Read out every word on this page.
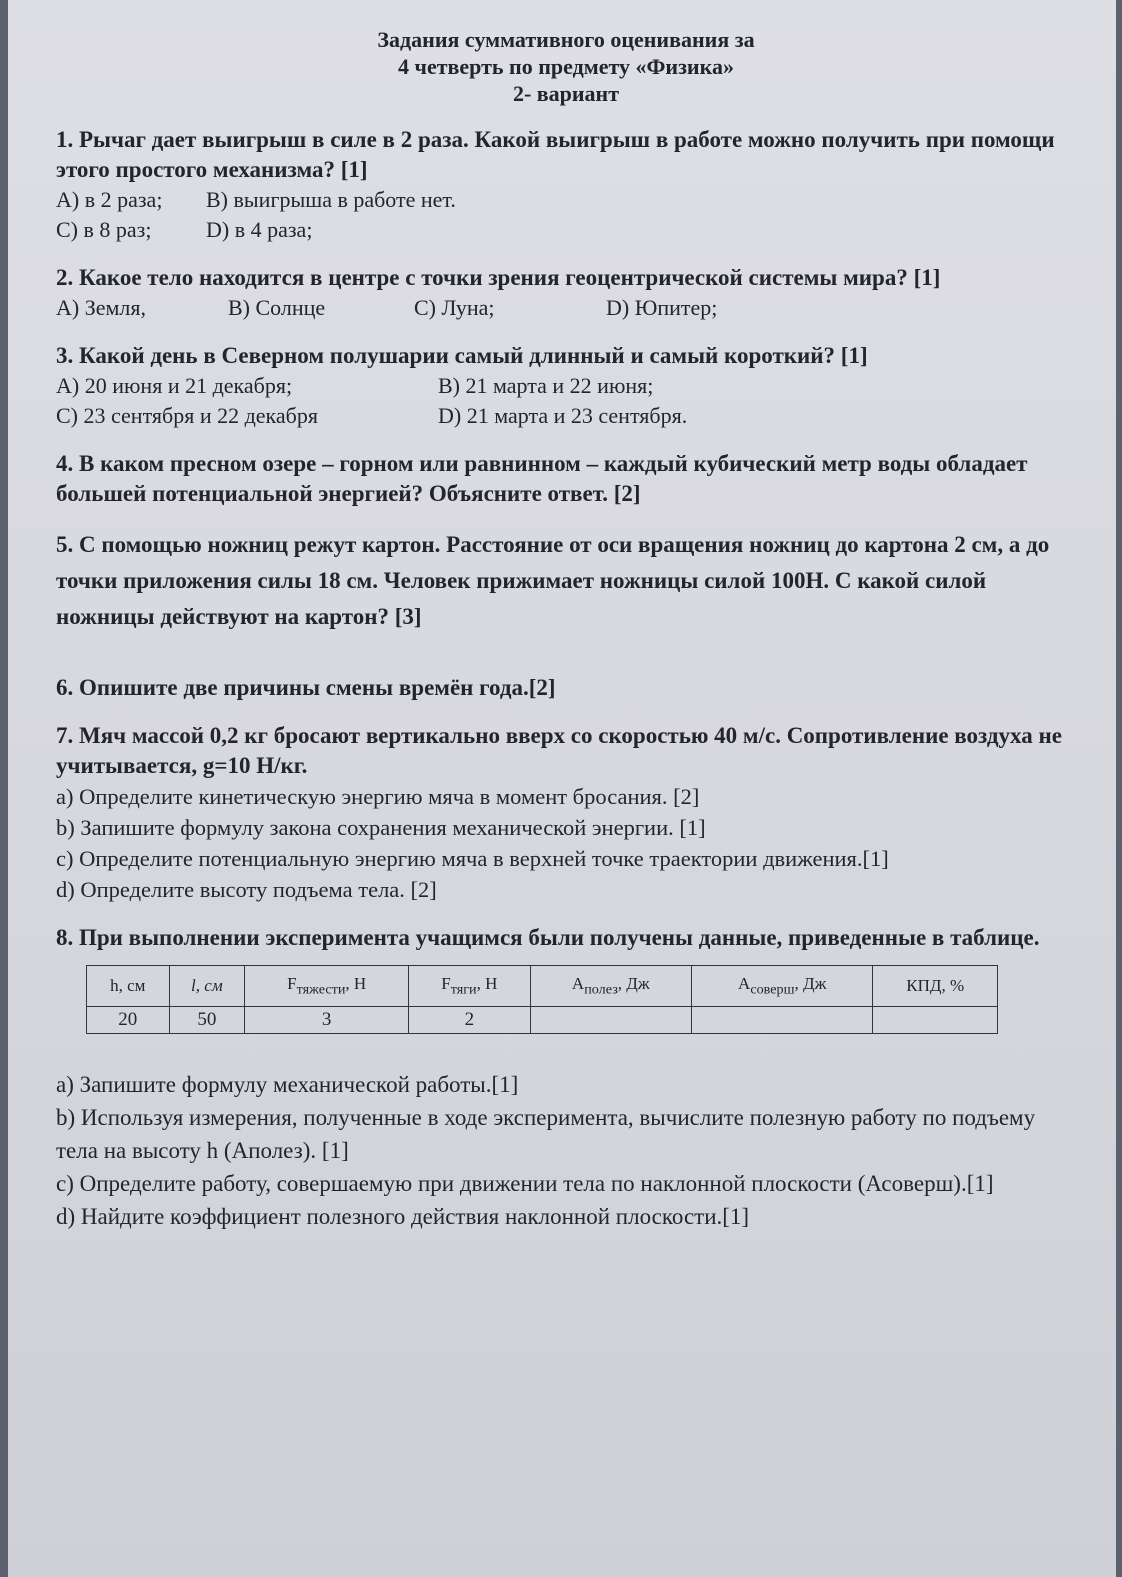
Задания суммативного оценивания за
4 четверть по предмету «Физика»
2- вариант
1. Рычаг дает выигрыш в силе в 2 раза. Какой выигрыш в работе можно получить при помощи этого простого механизма? [1]
A) в 2 раза;	B) выигрыша в работе нет.
C) в 8 раз;	D) в 4 раза;
2. Какое тело находится в центре с точки зрения геоцентрической системы мира? [1]
A) Земля,	B) Солнце	C) Луна;	D) Юпитер;
3. Какой день в Северном полушарии самый длинный и самый короткий? [1]
A) 20 июня и 21 декабря;	B) 21 марта и 22 июня;
C) 23 сентября и 22 декабря	D) 21 марта и 23 сентября.
4. В каком пресном озере – горном или равнинном – каждый кубический метр воды обладает большей потенциальной энергией? Объясните ответ. [2]
5. С помощью ножниц режут картон. Расстояние от оси вращения ножниц до картона 2 см, а до точки приложения силы 18 см. Человек прижимает ножницы силой 100Н. С какой силой ножницы действуют на картон? [3]
6. Опишите две причины смены времён года.[2]
7. Мяч массой 0,2 кг бросают вертикально вверх со скоростью 40 м/с. Сопротивление воздуха не учитывается, g=10 Н/кг.
a) Определите кинетическую энергию мяча в момент бросания. [2]
b) Запишите формулу закона сохранения механической энергии. [1]
c) Определите потенциальную энергию мяча в верхней точке траектории движения.[1]
d) Определите высоту подъема тела. [2]
8. При выполнении эксперимента учащимся были получены данные, приведенные в таблице.
h, см	l, см	$F_{тяжести}$, Н	$F_{тяги}$, Н	$A_{полез}$, Дж	$A_{соверш}$, Дж	КПД, %
20	50	3	2			
a) Запишите формулу механической работы.[1]
b) Используя измерения, полученные в ходе эксперимента, вычислите полезную работу по подъему тела на высоту h (Аполез). [1]
c) Определите работу, совершаемую при движении тела по наклонной плоскости (Асоверш).[1]
d) Найдите коэффициент полезного действия наклонной плоскости.[1]
